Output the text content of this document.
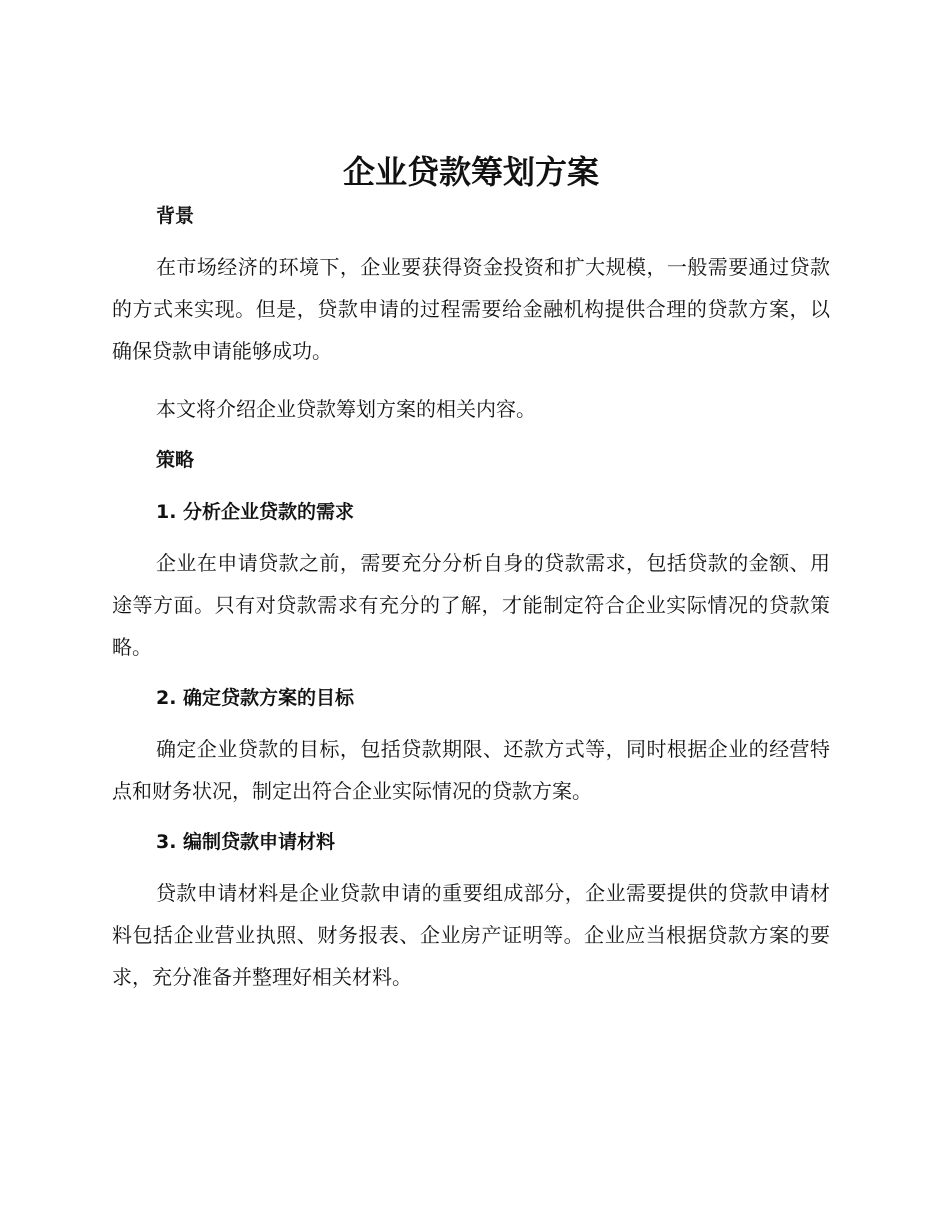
企业贷款筹划方案
背景

在市场经济的环境下，企业要获得资金投资和扩大规模，一般需要通过贷款的方式来实现。但是，贷款申请的过程需要给金融机构提供合理的贷款方案，以确保贷款申请能够成功。

本文将介绍企业贷款筹划方案的相关内容。

策略
1. 分析企业贷款的需求

企业在申请贷款之前，需要充分分析自身的贷款需求，包括贷款的金额、用途等方面。只有对贷款需求有充分的了解，才能制定符合企业实际情况的贷款策略。

2. 确定贷款方案的目标

确定企业贷款的目标，包括贷款期限、还款方式等，同时根据企业的经营特点和财务状况，制定出符合企业实际情况的贷款方案。

3. 编制贷款申请材料

贷款申请材料是企业贷款申请的重要组成部分，企业需要提供的贷款申请材料包括企业营业执照、财务报表、企业房产证明等。企业应当根据贷款方案的要求，充分准备并整理好相关材料。
